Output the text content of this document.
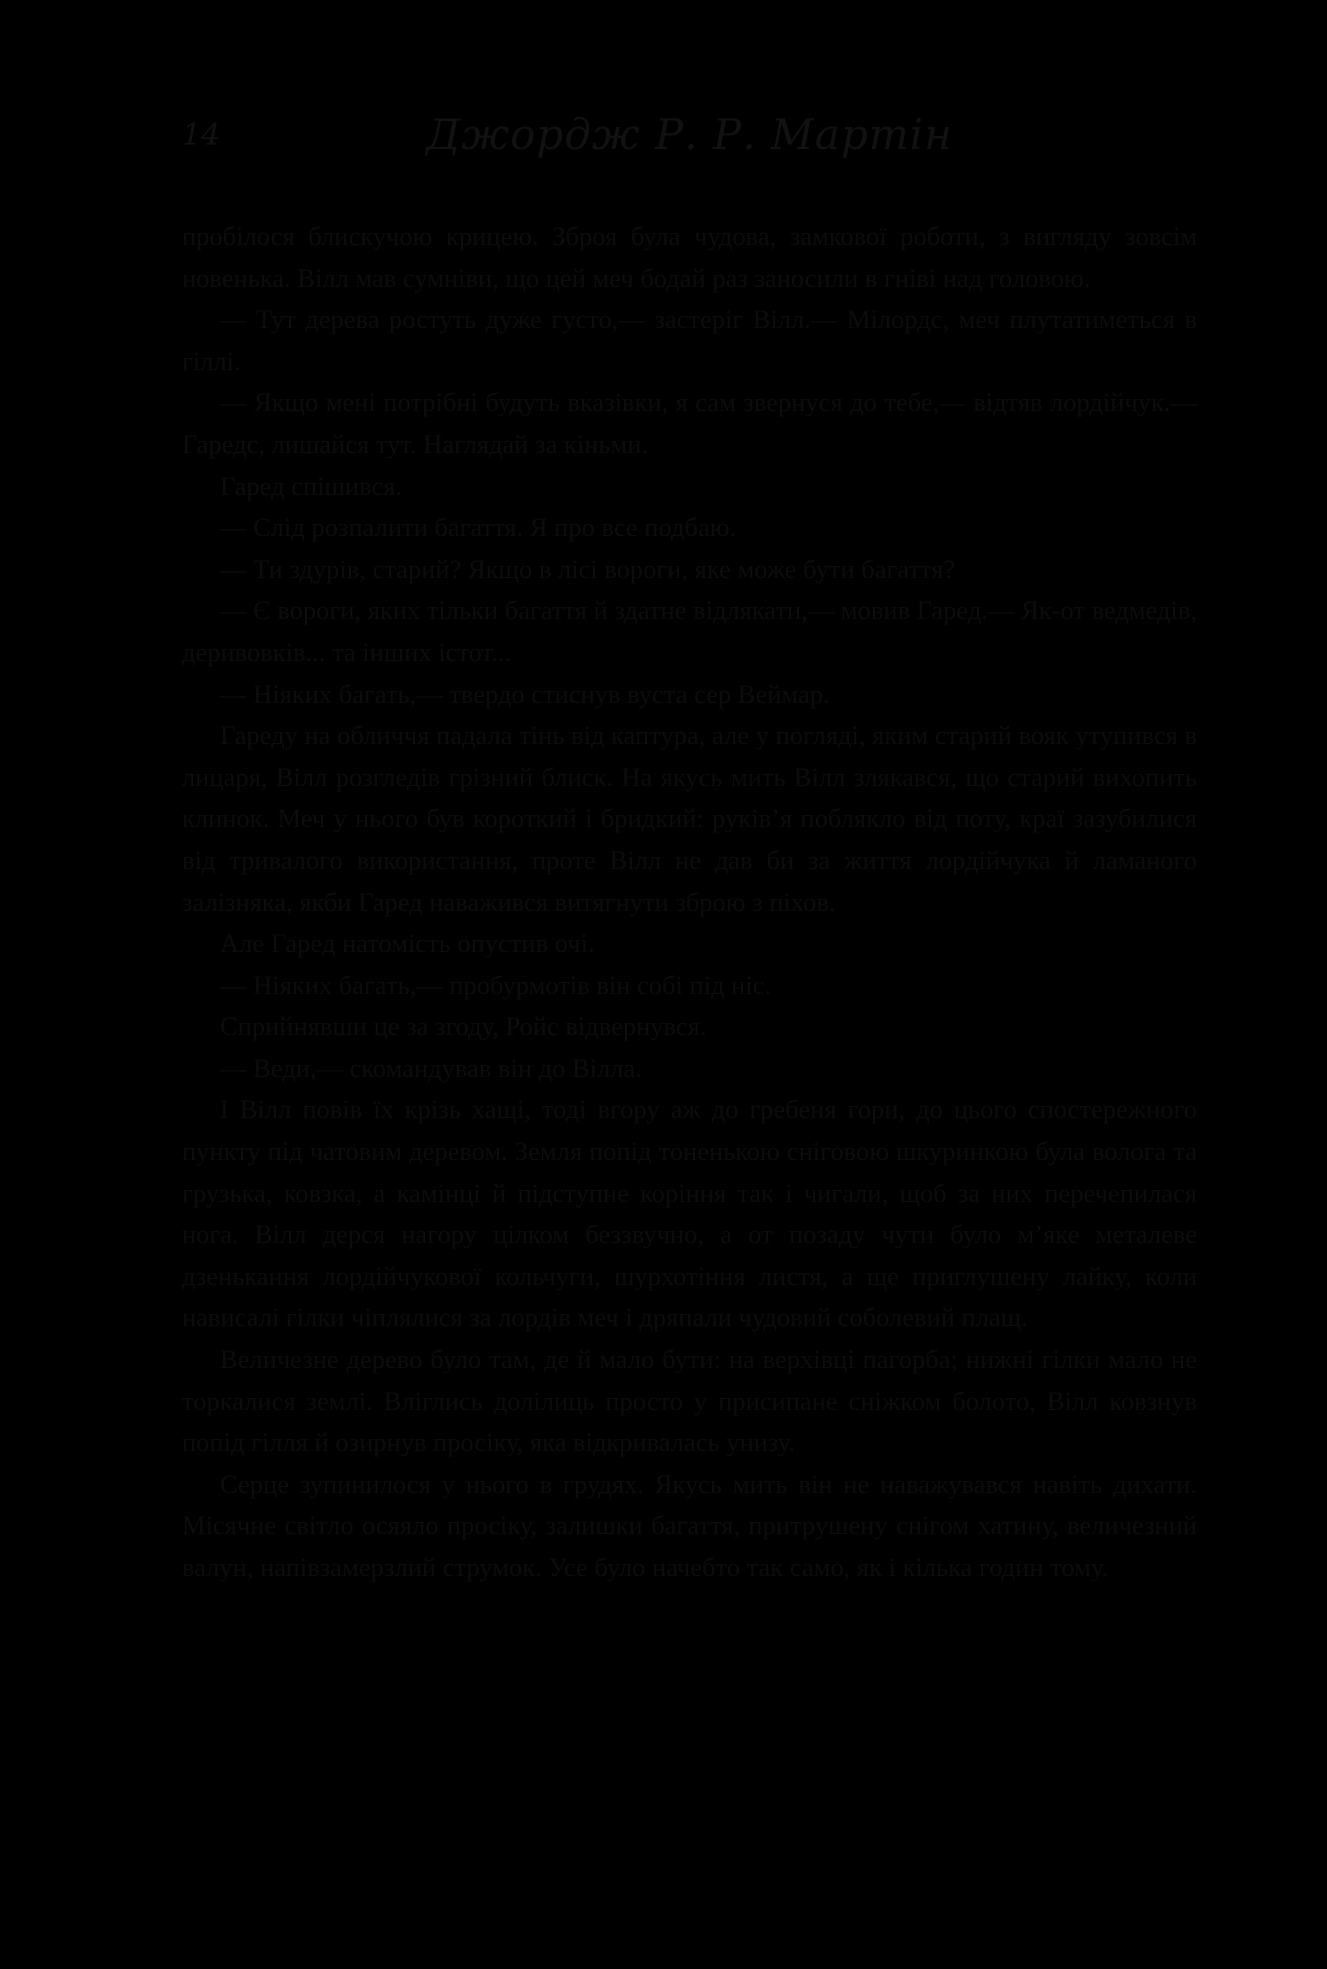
14	Джордж Р. Р. Мартін

пробілося блискучою крицею. Зброя була чудова, замкової роботи, з вигляду зовсім новенька. Вілл мав сумніви, що цей меч бодай раз заносили в гніві над головою.

— Тут дерева ростуть дуже густо,— застеріг Вілл.— Мілордс, меч плутатиметься в гіллі.

— Якщо мені потрібні будуть вказівки, я сам звернуся до тебе,— відтяв лордійчук.— Гаредс, лишайся тут. Наглядай за кіньми.

Гаред спішився.

— Слід розпалити багаття. Я про все подбаю.

— Ти здурів, старий? Якщо в лісі вороги, яке може бути багаття?

— Є вороги, яких тільки багаття й здатне відлякати,— мовив Гаред.— Як-от ведмедів, деривовків... та інших істот...

— Ніяких багать,— твердо стиснув вуста сер Веймар.

Гареду на обличчя падала тінь від каптура, але у погляді, яким старий вояк утупився в лицаря, Вілл розгледів грізний блиск. На якусь мить Вілл злякався, що старий вихопить клинок. Меч у нього був короткий і бридкий: руків’я поблякло від поту, краї зазубилися від тривалого використання, проте Вілл не дав би за життя лордійчука й ламаного залізняка, якби Гаред наважився витягнути зброю з піхов.

Але Гаред натомість опустив очі.

— Ніяких багать,— пробурмотів він собі під ніс.

Сприйнявши це за згоду, Ройс відвернувся.

— Веди,— скомандував він до Вілла.

І Вілл повів їх крізь хащі, тоді вгору аж до гребеня гори, до цього спостережного пункту під чатовим деревом. Земля попід тоненькою сніговою шкуринкою була волога та грузька, ковзка, а камінці й підступне коріння так і чигали, щоб за них перечепилася нога. Вілл дерся нагору цілком беззвучно, а от позаду чути було м’яке металеве дзенькання лордійчукової кольчуги, шурхотіння листя, а ще приглушену лайку, коли нависалі гілки чіплялися за лордів меч і дряпали чудовий соболевий плащ.

Величезне дерево було там, де й мало бути: на верхівці пагорба; нижні гілки мало не торкалися землі. Вліглись долілиць просто у присипане сніжком болото, Вілл ковзнув попід гілля й озирнув просіку, яка відкривалась унизу.

Серце зупинилося у нього в грудях. Якусь мить він не наважувався навіть дихати. Місячне світло осяяло просіку, залишки багаття, притрушену снігом хатину, величезний валун, напівзамерзлий струмок. Усе було начебто так само, як і кілька годин тому.
